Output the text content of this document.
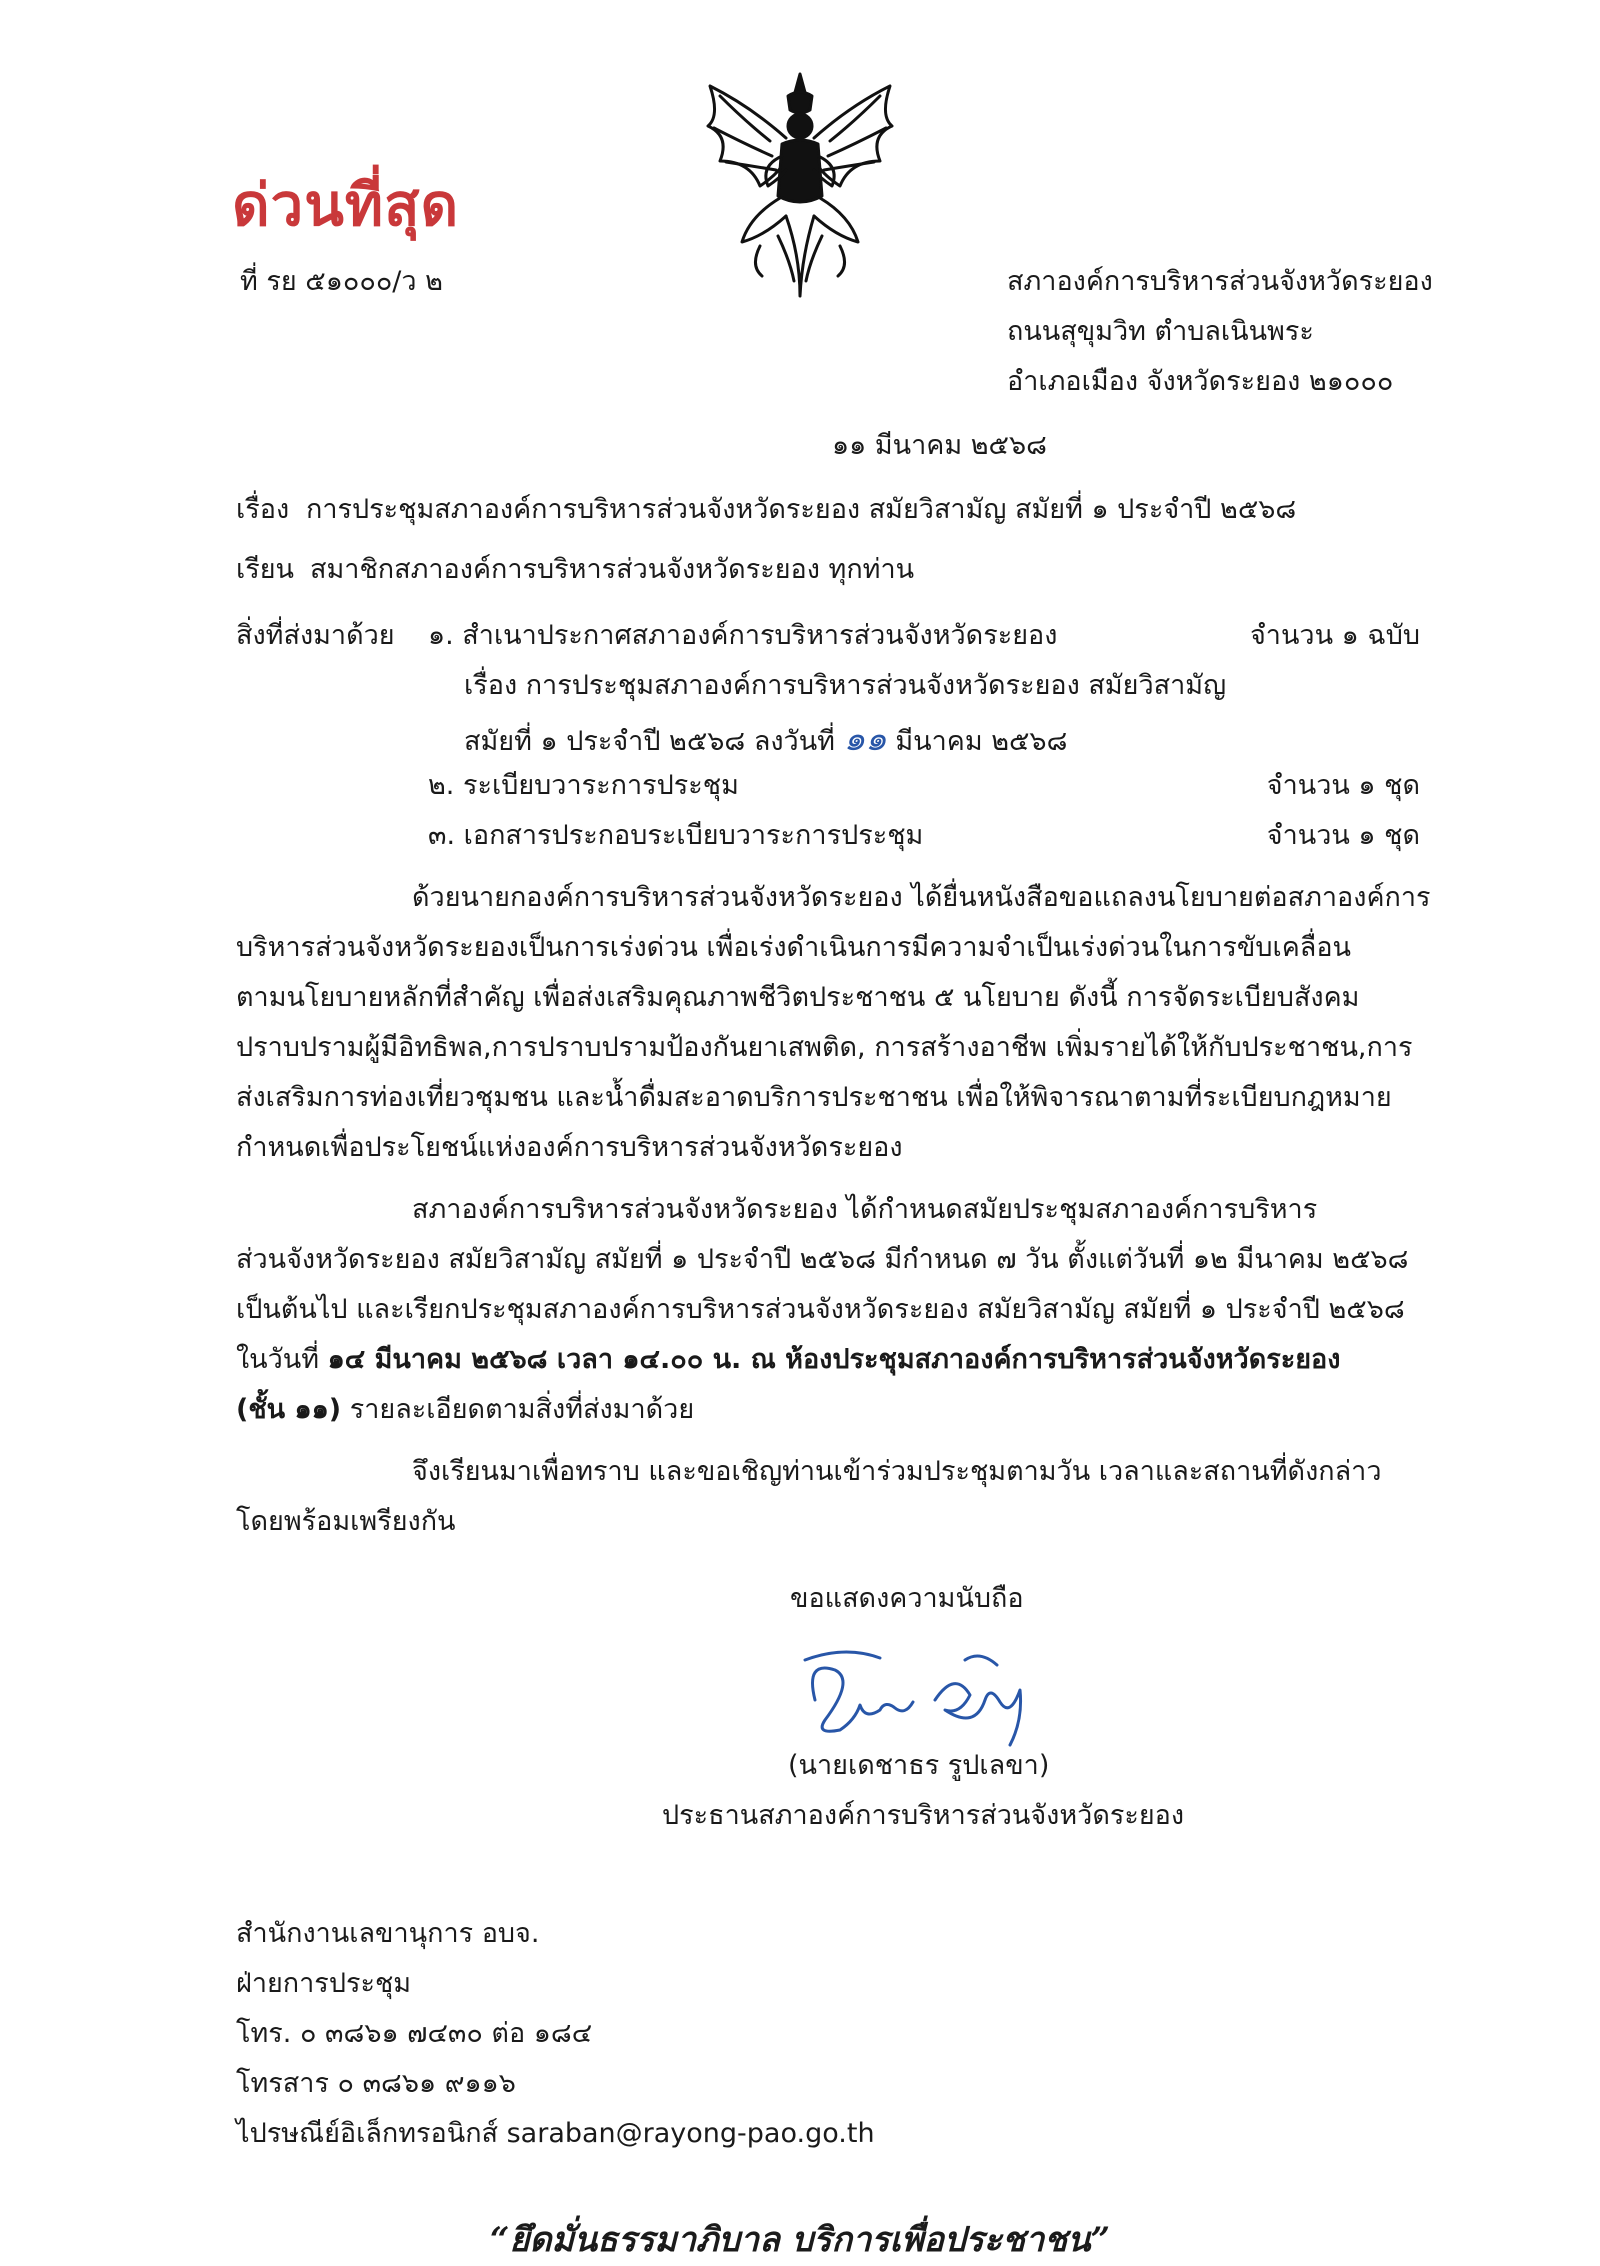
ด่วนที่สุด
ที่ รย ๕๑๐๐๐/ว ๒	สภาองค์การบริหารส่วนจังหวัดระยอง
ถนนสุขุมวิท ตำบลเนินพระ
อำเภอเมือง จังหวัดระยอง ๒๑๐๐๐
๑๑ มีนาคม ๒๕๖๘
เรื่อง การประชุมสภาองค์การบริหารส่วนจังหวัดระยอง สมัยวิสามัญ สมัยที่ ๑ ประจำปี ๒๕๖๘
เรียน สมาชิกสภาองค์การบริหารส่วนจังหวัดระยอง ทุกท่าน
สิ่งที่ส่งมาด้วย ๑. สำเนาประกาศสภาองค์การบริหารส่วนจังหวัดระยอง	จำนวน ๑ ฉบับ
เรื่อง การประชุมสภาองค์การบริหารส่วนจังหวัดระยอง สมัยวิสามัญ
สมัยที่ ๑ ประจำปี ๒๕๖๘ ลงวันที่ ๑๑ มีนาคม ๒๕๖๘
๒. ระเบียบวาระการประชุม	จำนวน ๑ ชุด
๓. เอกสารประกอบระเบียบวาระการประชุม	จำนวน ๑ ชุด
ด้วยนายกองค์การบริหารส่วนจังหวัดระยอง ได้ยื่นหนังสือขอแถลงนโยบายต่อสภาองค์การ
บริหารส่วนจังหวัดระยองเป็นการเร่งด่วน เพื่อเร่งดำเนินการมีความจำเป็นเร่งด่วนในการขับเคลื่อน
ตามนโยบายหลักที่สำคัญ เพื่อส่งเสริมคุณภาพชีวิตประชาชน ๕ นโยบาย ดังนี้ การจัดระเบียบสังคม
ปราบปรามผู้มีอิทธิพล,การปราบปรามป้องกันยาเสพติด, การสร้างอาชีพ เพิ่มรายได้ให้กับประชาชน,การ
ส่งเสริมการท่องเที่ยวชุมชน และน้ำดื่มสะอาดบริการประชาชน เพื่อให้พิจารณาตามที่ระเบียบกฎหมาย
กำหนดเพื่อประโยชน์แห่งองค์การบริหารส่วนจังหวัดระยอง
สภาองค์การบริหารส่วนจังหวัดระยอง ได้กำหนดสมัยประชุมสภาองค์การบริหาร
ส่วนจังหวัดระยอง สมัยวิสามัญ สมัยที่ ๑ ประจำปี ๒๕๖๘ มีกำหนด ๗ วัน ตั้งแต่วันที่ ๑๒ มีนาคม ๒๕๖๘
เป็นต้นไป และเรียกประชุมสภาองค์การบริหารส่วนจังหวัดระยอง สมัยวิสามัญ สมัยที่ ๑ ประจำปี ๒๕๖๘
ในวันที่ ๑๔ มีนาคม ๒๕๖๘ เวลา ๑๔.๐๐ น. ณ ห้องประชุมสภาองค์การบริหารส่วนจังหวัดระยอง
(ชั้น ๑๑) รายละเอียดตามสิ่งที่ส่งมาด้วย
จึงเรียนมาเพื่อทราบ และขอเชิญท่านเข้าร่วมประชุมตามวัน เวลาและสถานที่ดังกล่าว
โดยพร้อมเพรียงกัน
ขอแสดงความนับถือ
(นายเดชาธร รูปเลขา)
ประธานสภาองค์การบริหารส่วนจังหวัดระยอง
สำนักงานเลขานุการ อบจ.
ฝ่ายการประชุม
โทร. ๐ ๓๘๖๑ ๗๔๓๐ ต่อ ๑๘๔
โทรสาร ๐ ๓๘๖๑ ๙๑๑๖
ไปรษณีย์อิเล็กทรอนิกส์ saraban@rayong-pao.go.th
“ยึดมั่นธรรมาภิบาล บริการเพื่อประชาชน”
